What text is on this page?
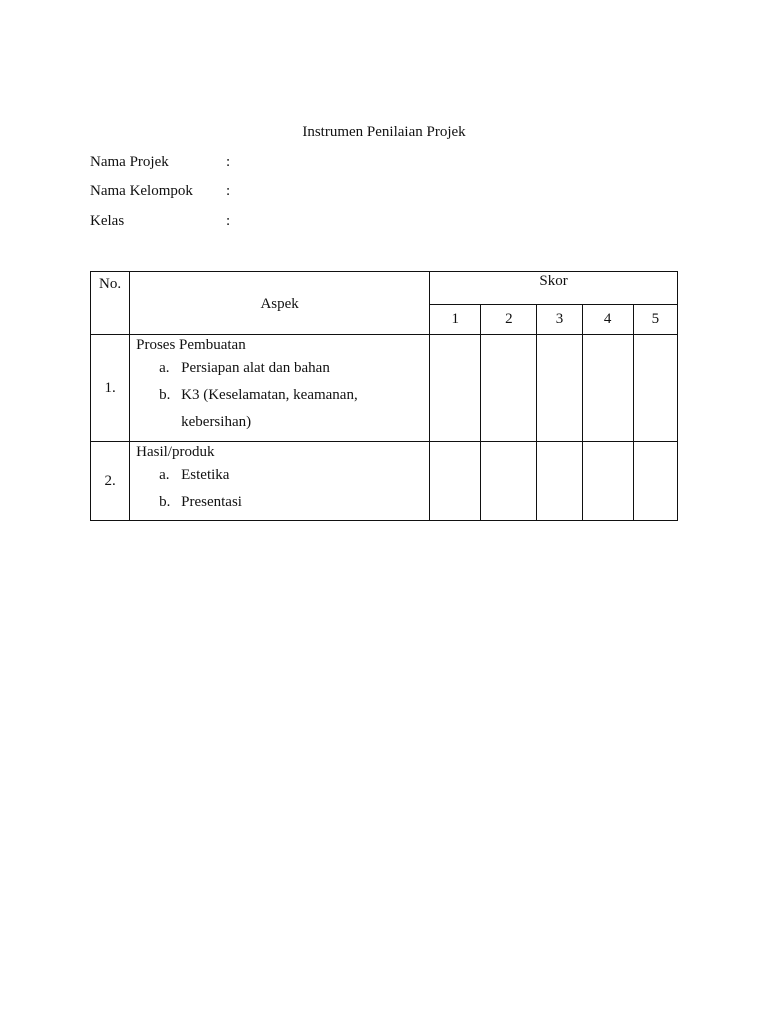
Instrumen Penilaian Projek
Nama Projek	:
Nama Kelompok :
Kelas	:
No.	Aspek	Skor				
		1	2	3	4	5
1.	Proses Pembuatan
a. Persiapan alat dan bahan
b. K3 (Keselamatan, keamanan, kebersihan)					

2.	Hasil/produk
a. Estetika
b. Presentasi					
